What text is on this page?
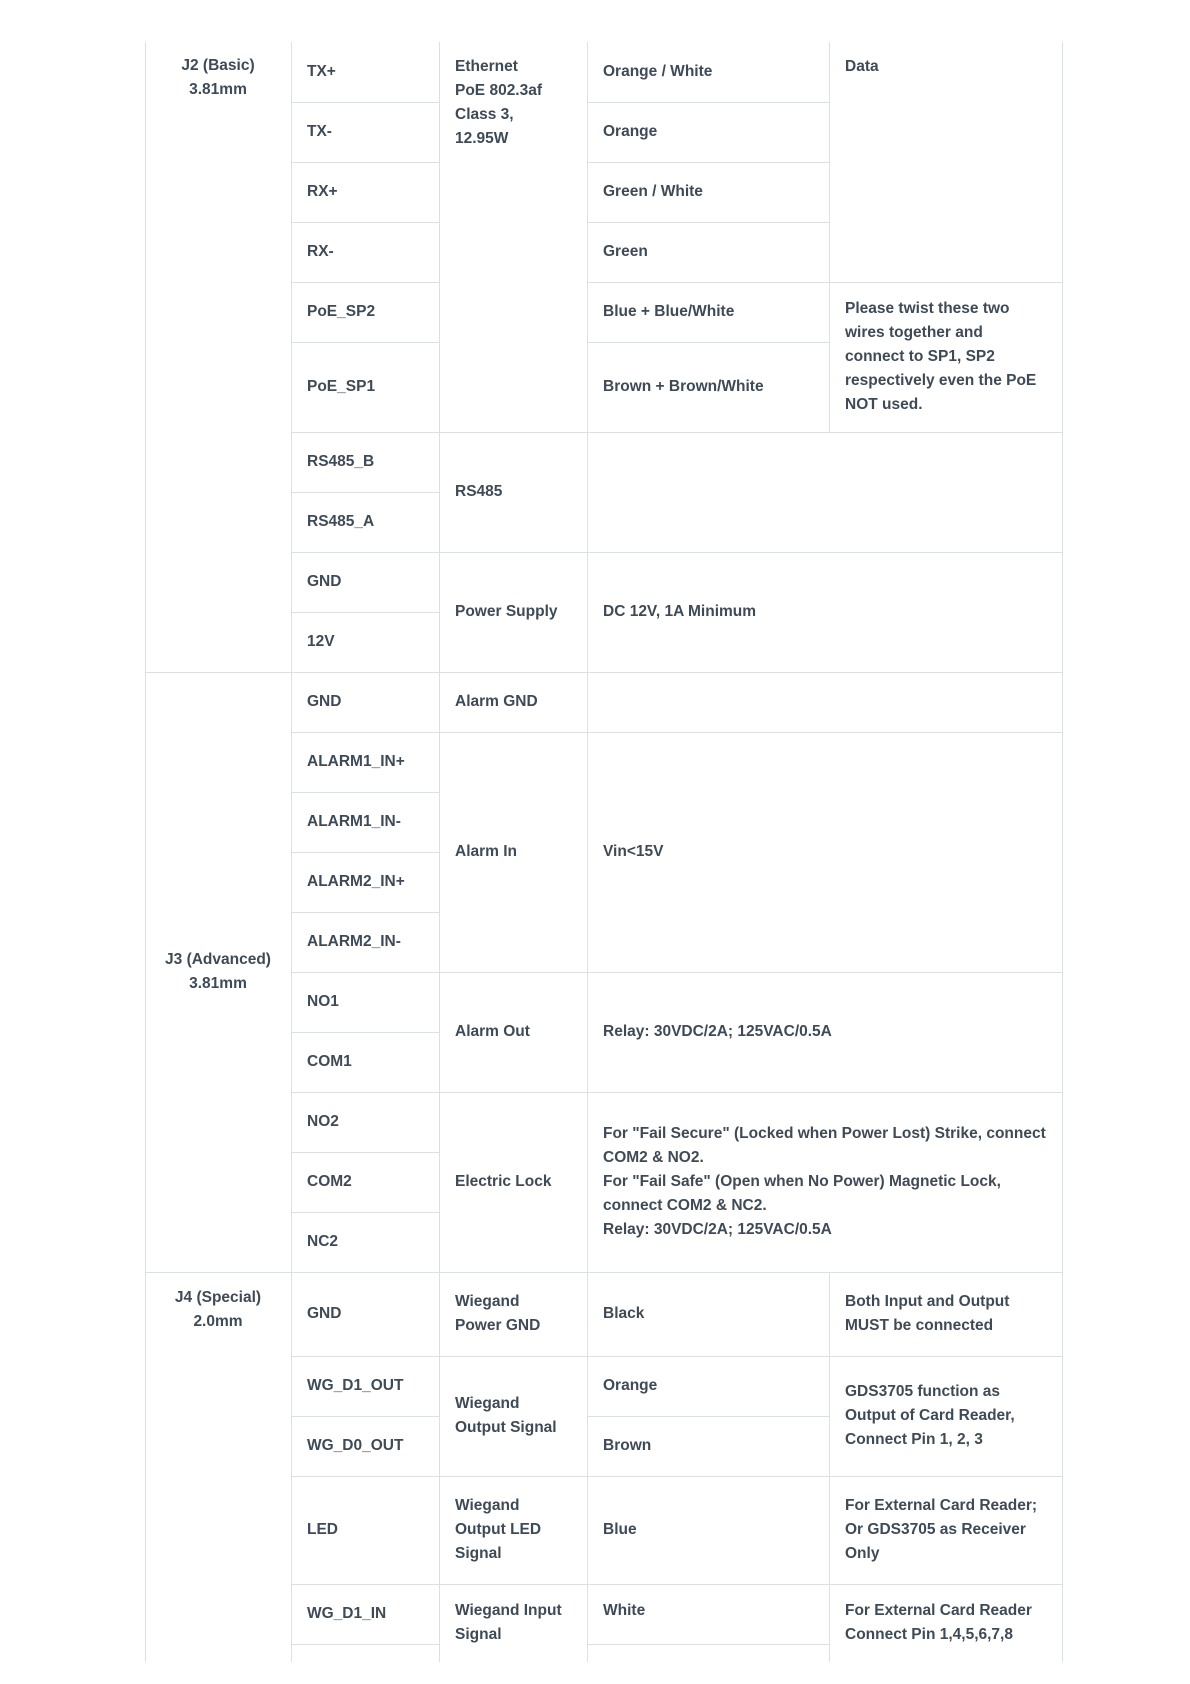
J2 (Basic)
3.81mm
J3 (Advanced)
3.81mm
J4 (Special)
2.0mm
TX+
TX-
RX+
RX-
PoE_SP2
PoE_SP1
RS485_B
RS485_A
GND
12V
GND
ALARM1_IN+
ALARM1_IN-
ALARM2_IN+
ALARM2_IN-
NO1
COM1
NO2
COM2
NC2
GND
WG_D1_OUT
WG_D0_OUT
LED
WG_D1_IN
Ethernet
PoE 802.3af
Class 3,
12.95W
RS485
Power Supply
Alarm GND
Alarm In
Alarm Out
Electric Lock
Wiegand
Power GND
Wiegand
Output Signal
Wiegand
Output LED
Signal
Wiegand Input
Signal
Orange / White
Orange
Green / White
Green
Blue + Blue/White
Brown + Brown/White
Black
Orange
Brown
Blue
White
Data
Please twist these two wires together and connect to SP1, SP2 respectively even the PoE NOT used.
DC 12V, 1A Minimum
Vin<15V
Relay: 30VDC/2A; 125VAC/0.5A
For "Fail Secure" (Locked when Power Lost) Strike, connect COM2 & NO2.
For "Fail Safe" (Open when No Power) Magnetic Lock, connect COM2 & NC2.
Relay: 30VDC/2A; 125VAC/0.5A
Both Input and Output MUST be connected
GDS3705 function as Output of Card Reader, Connect Pin 1, 2, 3
For External Card Reader; Or GDS3705 as Receiver Only
For External Card Reader Connect Pin 1,4,5,6,7,8
